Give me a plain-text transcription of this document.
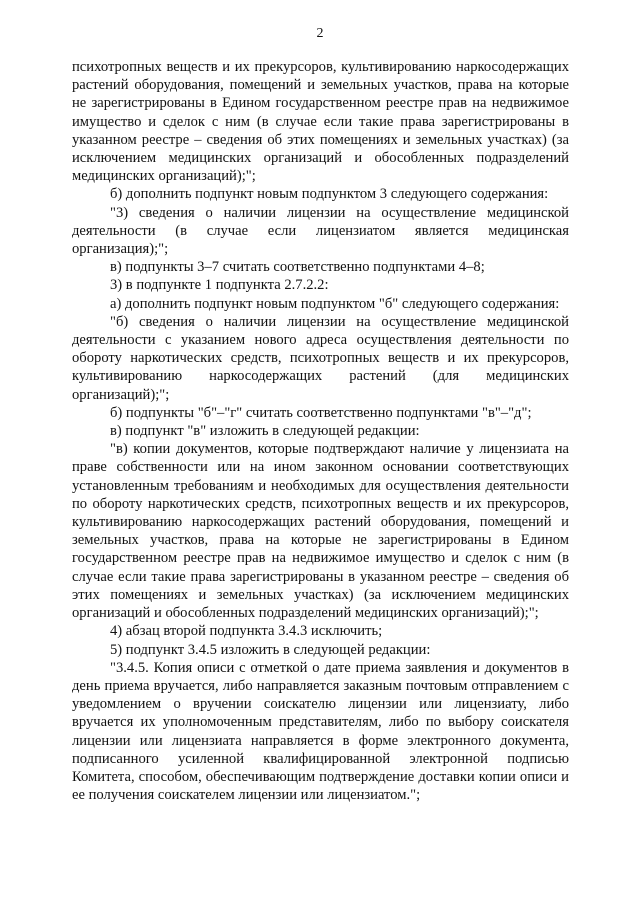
2

психотропных веществ и их прекурсоров, культивированию наркосодержащих растений оборудования, помещений и земельных участков, права на которые не зарегистрированы в Едином государственном реестре прав на недвижимое имущество и сделок с ним (в случае если такие права зарегистрированы в указанном реестре – сведения об этих помещениях и земельных участках) (за исключением медицинских организаций и обособленных подразделений медицинских организаций);";

б) дополнить подпункт новым подпунктом 3 следующего содержания:

"3) сведения о наличии лицензии на осуществление медицинской деятельности (в случае если лицензиатом является медицинская организация);";

в) подпункты 3–7 считать соответственно подпунктами 4–8;

3) в подпункте 1 подпункта 2.7.2.2:

а) дополнить подпункт новым подпунктом "б" следующего содержания:

"б) сведения о наличии лицензии на осуществление медицинской деятельности с указанием нового адреса осуществления деятельности по обороту наркотических средств, психотропных веществ и их прекурсоров, культивированию наркосодержащих растений (для медицинских организаций);";

б) подпункты "б"–"г" считать соответственно подпунктами "в"–"д";

в) подпункт "в" изложить в следующей редакции:

"в) копии документов, которые подтверждают наличие у лицензиата на праве собственности или на ином законном основании соответствующих установленным требованиям и необходимых для осуществления деятельности по обороту наркотических средств, психотропных веществ и их прекурсоров, культивированию наркосодержащих растений оборудования, помещений и земельных участков, права на которые не зарегистрированы в Едином государственном реестре прав на недвижимое имущество и сделок с ним (в случае если такие права зарегистрированы в указанном реестре – сведения об этих помещениях и земельных участках) (за исключением медицинских организаций и обособленных подразделений медицинских организаций);";

4) абзац второй подпункта 3.4.3 исключить;

5) подпункт 3.4.5 изложить в следующей редакции:

"3.4.5. Копия описи с отметкой о дате приема заявления и документов в день приема вручается, либо направляется заказным почтовым отправлением с уведомлением о вручении соискателю лицензии или лицензиату, либо вручается их уполномоченным представителям, либо по выбору соискателя лицензии или лицензиата направляется в форме электронного документа, подписанного усиленной квалифицированной электронной подписью Комитета, способом, обеспечивающим подтверждение доставки копии описи и ее получения соискателем лицензии или лицензиатом.";
